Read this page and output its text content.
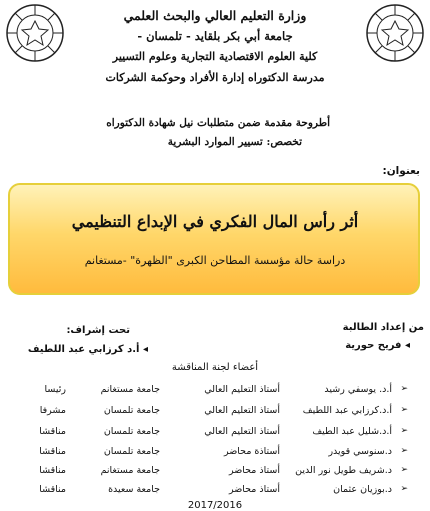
وزارة التعليم العالي والبحث العلمي
جامعة أبي بكر بلقايد - تلمسان -
كلية العلوم الاقتصادية التجارية وعلوم التسيير
مدرسة الدكتوراه إدارة الأفراد وحوكمة الشركات
أطروحة مقدمة ضمن متطلبات نيل شهادة الدكتوراه
تخصص: تسيير الموارد البشرية
بعنوان:
أثر رأس المال الفكري في الإبداع التنظيمي
دراسة حالة مؤسسة المطاحن الكبرى "الظهرة" -مستغانم
من إعداد الطالبة
◂ فريح حورية
تحت إشراف:
◂ أ.د كرزابي عبد اللطيف
أعضاء لجنة المناقشة
➢
أ.د. يوسفي رشيد
أستاذ التعليم العالي
جامعة مستغانم
رئيسا
➢
أ.د.كرزابي عبد اللطيف
أستاذ التعليم العالي
جامعة تلمسان
مشرفا
➢
أ.د.شليل عبد الطيف
أستاذ التعليم العالي
جامعة تلمسان
مناقشا
➢
د.سنوسي قويدر
أستاذة محاضر
جامعة تلمسان
مناقشا
➢
د.شريف طويل نور الدين
أستاذ محاضر
جامعة مستغانم
مناقشا
➢
د.بوزيان عثمان
أستاذ محاضر
جامعة سعيدة
مناقشا
2017/2016
